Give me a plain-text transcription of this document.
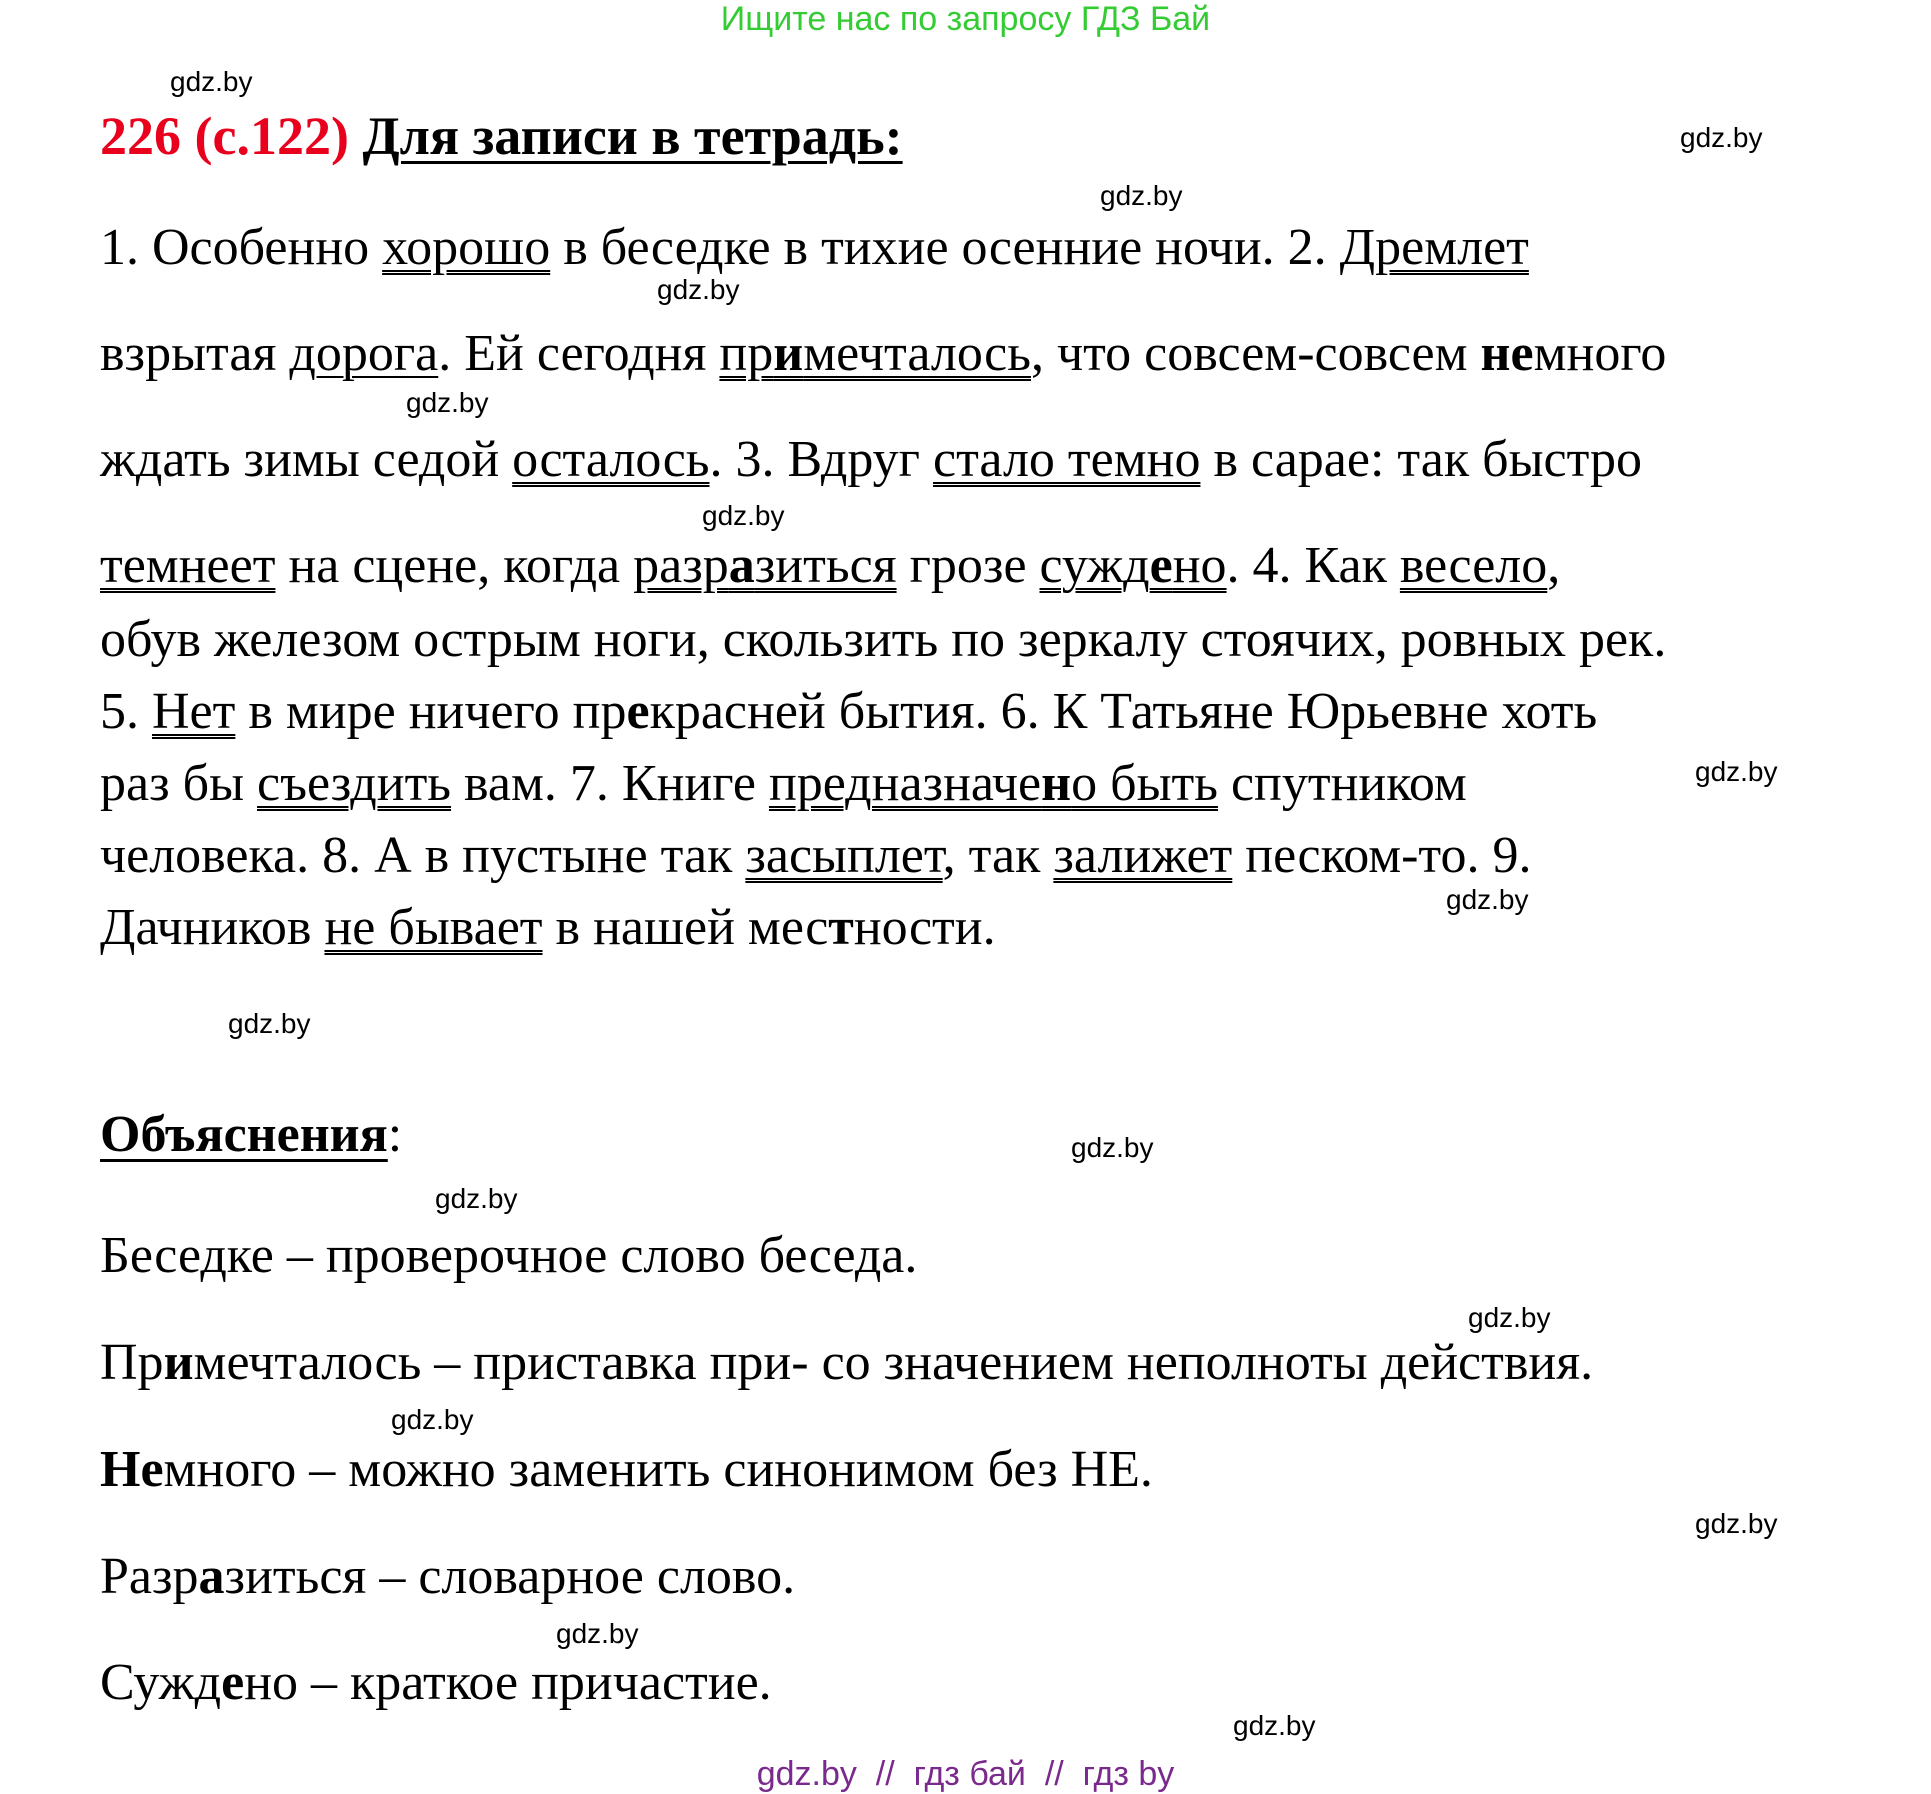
Ищите нас по запросу ГДЗ Бай
gdz.by
gdz.by
gdz.by
gdz.by
gdz.by
gdz.by
gdz.by
gdz.by
gdz.by
gdz.by
gdz.by
gdz.by
gdz.by
gdz.by
gdz.by
gdz.by
226 (с.122) Для записи в тетрадь:
1. Особенно хорошо в беседке в тихие осенние ночи. 2. Дремлет
взрытая дорога. Ей сегодня примечталось, что совсем-совсем немного
ждать зимы седой осталось. 3. Вдруг стало темно в сарае: так быстро
темнеет на сцене, когда разразиться грозе суждено. 4. Как весело,
обув железом острым ноги, скользить по зеркалу стоячих, ровных рек.
5. Нет в мире ничего прекрасней бытия. 6. К Татьяне Юрьевне хоть
раз бы съездить вам. 7. Книге предназначено быть спутником
человека. 8. А в пустыне так засыплет, так залижет песком-то. 9.
Дачников не бывает в нашей местности.
Объяснения:
Беседке – проверочное слово беседа.
Примечталось – приставка при- со значением неполноты действия.
Немного – можно заменить синонимом без НЕ.
Разразиться – словарное слово.
Суждено – краткое причастие.
gdz.by  //  гдз бай  //  гдз by
